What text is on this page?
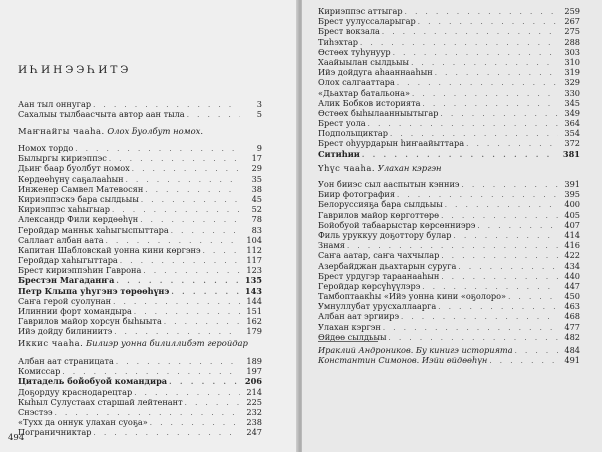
ИҺИНЭЭҺИТЭ
Аан тыл оннугар . . .	3
Сахалыы тылбаасчыта автор аан тыла . . .	5
Маҥнайгы чааһа. Олох ƃуолбут номох.
Номох тордо . . .	9
Былыргы кириэппэс . . .	17
Дьиҥ баар буолбут номох . . .	29
Көрдөөһүнү саҕалааһын . . .	35
Инженер Самвел Матевосян . . .	38
Кириэппэскэ бара сылдьыы . . .	45
Кириэппэс хаһыгыар . . .	52
Александр Фили көрдөөһүн . . .	78
Геройдар манньк хаһыгыспыттара . . .	83
Саллаат албан аата . . .	104
Капитан Шабловскай уонна кини көргэнэ . . .	112
Геройдар хаһыгыттара . . .	117
Брест кириэппэһин Гаврона . . .	123
Брестэн Магаданҥа . . .	135
Петр Клыпа уһугэнэ төрөөһүнэ . . .	143
Саҥа герой суолунан . . .	144
Илиннии форт хомандыра . . .	151
Гаврилов майор хорсун быһыыта . . .	162
Ийэ дойду билиниитэ . . .	179
Иккис чааһа. Билиэр уонна билиллибэт геройдар
Албан аат страницата . . .	189
Комиссар . . .	197
Цитадель бойобуой командира . . .	206
Доҕордуу краснодарецтар . . .	214
Кыһыл Сулустаах старшай лейтенант . . .	225
Снэстээ . . .	232
«Тухх да оннук улахан суоҕа» . . .	238
Пограничниктар . . .	247
494
Кириэппэс аттыгар . . .	259
Брест уулуссаларыгар . . .	267
Брест вокзала . . .	275
Тиһэхтар . . .	288
Өстөөх туһунуур . . .	303
Хаайыылан сылдьыы . . .	310
Ийэ дойдуга аһааннааһын . . .	319
Олох салгааттара . . .	329
«Дьахтар батальона» . . .	330
Алик Бобков историята . . .	345
Өстөөх быһылаанныытыгар . . .	349
Брест уола . . .	364
Подпольщиктар . . .	354
Брест оһуурдарын һиҥаайыттара . . .	372
Ситиһии . . .	381
Үһүс чааһа. Улахан кэргэн
Уон бииэс сыл ааспытын кэнниэ . . .	391
Биир фотография . . .	395
Белоруссияҕа бара сылдьыы . . .	400
Гаврилов майор көрготтөрө . . .	405
Бойобуой табаарыстар көрсөнниэрэ . . .	407
Филь уруккуу доҕоттору булар . . .	414
Знамя . . .	416
Саҥа аатар, саҥа чахчылар . . .	422
Азербайджан дьахтарын суруга . . .	434
Брест урдугэр тараанааһын . . .	440
Геройдар көрсүһүүлэрэ . . .	447
Тамбоптаакһы «Ийэ уонна кини «оҕолоро» . . .	450
Умнуллубат урусхаллаарга . . .	463
Албан аат эргиирэ . . .	468
Улахан кэргэн . . .	477
Өйдөө сылдьыы . . .	482
Ираклий Андроников. Бу кинигэ историята . . .	484
Константин Симонов. Иэйи өйдөөһүн . . .	491
